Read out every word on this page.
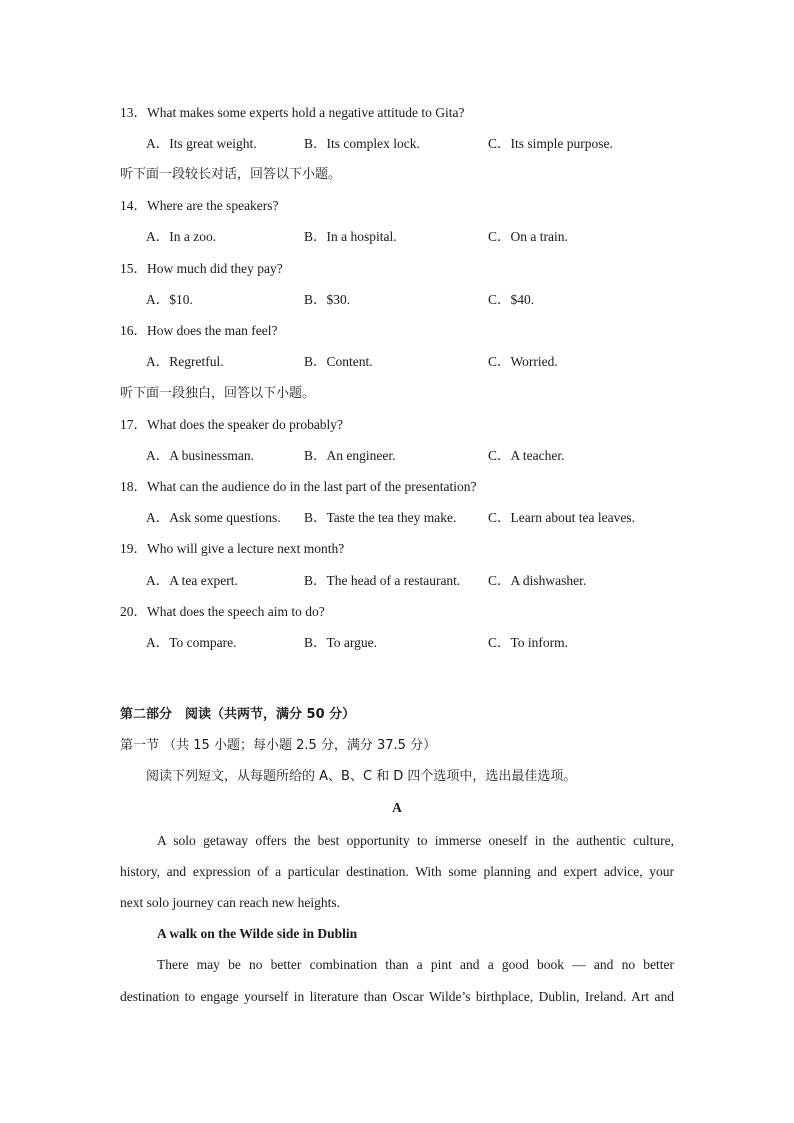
13．What makes some experts hold a negative attitude to Gita?
A．Its great weight.	B．Its complex lock.	C．Its simple purpose.
听下面一段较长对话，回答以下小题。
14．Where are the speakers?
A．In a zoo.	B．In a hospital.	C．On a train.
15．How much did they pay?
A．$10.	B．$30.	C．$40.
16．How does the man feel?
A．Regretful.	B．Content.	C．Worried.
听下面一段独白，回答以下小题。
17．What does the speaker do probably?
A．A businessman.	B．An engineer.	C．A teacher.
18．What can the audience do in the last part of the presentation?
A．Ask some questions. B．Taste the tea they make. C．Learn about tea leaves.
19．Who will give a lecture next month?
A．A tea expert.	B．The head of a restaurant. C．A dishwasher.
20．What does the speech aim to do?
A．To compare.	B．To argue.	C．To inform.
第二部分　阅读（共两节，满分 50 分）
第一节 （共 15 小题；每小题 2.5 分，满分 37.5 分）
阅读下列短文，从每题所给的 A、B、C 和 D 四个选项中，选出最佳选项。
A
A solo getaway offers the best opportunity to immerse oneself in the authentic culture,
history, and expression of a particular destination. With some planning and expert advice, your
next solo journey can reach new heights.
A walk on the Wilde side in Dublin
There may be no better combination than a pint and a good book — and no better
destination to engage yourself in literature than Oscar Wilde’s birthplace, Dublin, Ireland. Art and
